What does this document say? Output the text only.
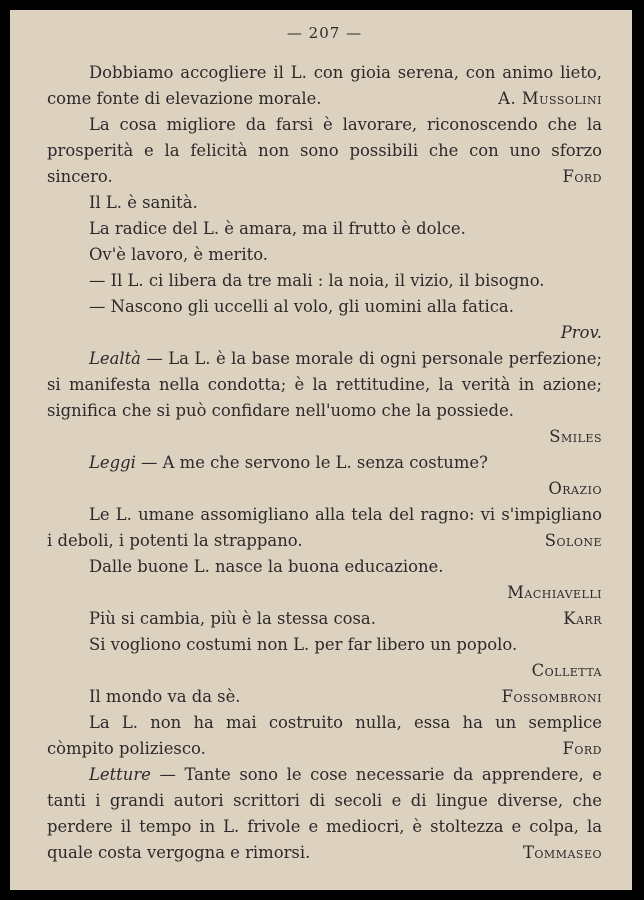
— 207 —

Dobbiamo accogliere il L. con gioia serena, con animo lieto, come fonte di elevazione morale.	A. Mussolini

La cosa migliore da farsi è lavorare, riconoscendo che la prosperità e la felicità non sono possibili che con uno sforzo sincero.	Ford

Il L. è sanità.

La radice del L. è amara, ma il frutto è dolce.

Ov'è lavoro, è merito.

— Il L. ci libera da tre mali : la noia, il vizio, il bisogno.

— Nascono gli uccelli al volo, gli uomini alla fatica.

Prov.

Lealtà — La L. è la base morale di ogni personale perfezione; si manifesta nella condotta; è la rettitudine, la verità in azione; significa che si può confidare nell'uomo che la possiede.
Smiles

Leggi — A me che servono le L. senza costume?

Orazio

Le L. umane assomigliano alla tela del ragno: vi s'impigliano i deboli, i potenti la strappano.	Solone

Dalle buone L. nasce la buona educazione.

Machiavelli

Più si cambia, più è la stessa cosa.	Karr

Si vogliono costumi non L. per far libero un popolo.

Colletta

Il mondo va da sè.	Fossombroni

La L. non ha mai costruito nulla, essa ha un semplice còmpito poliziesco.	Ford

Letture — Tante sono le cose necessarie da apprendere, e tanti i grandi autori scrittori di secoli e di lingue diverse, che perdere il tempo in L. frivole e mediocri, è stoltezza e colpa, la quale costa vergogna e rimorsi.	Tommaseo
